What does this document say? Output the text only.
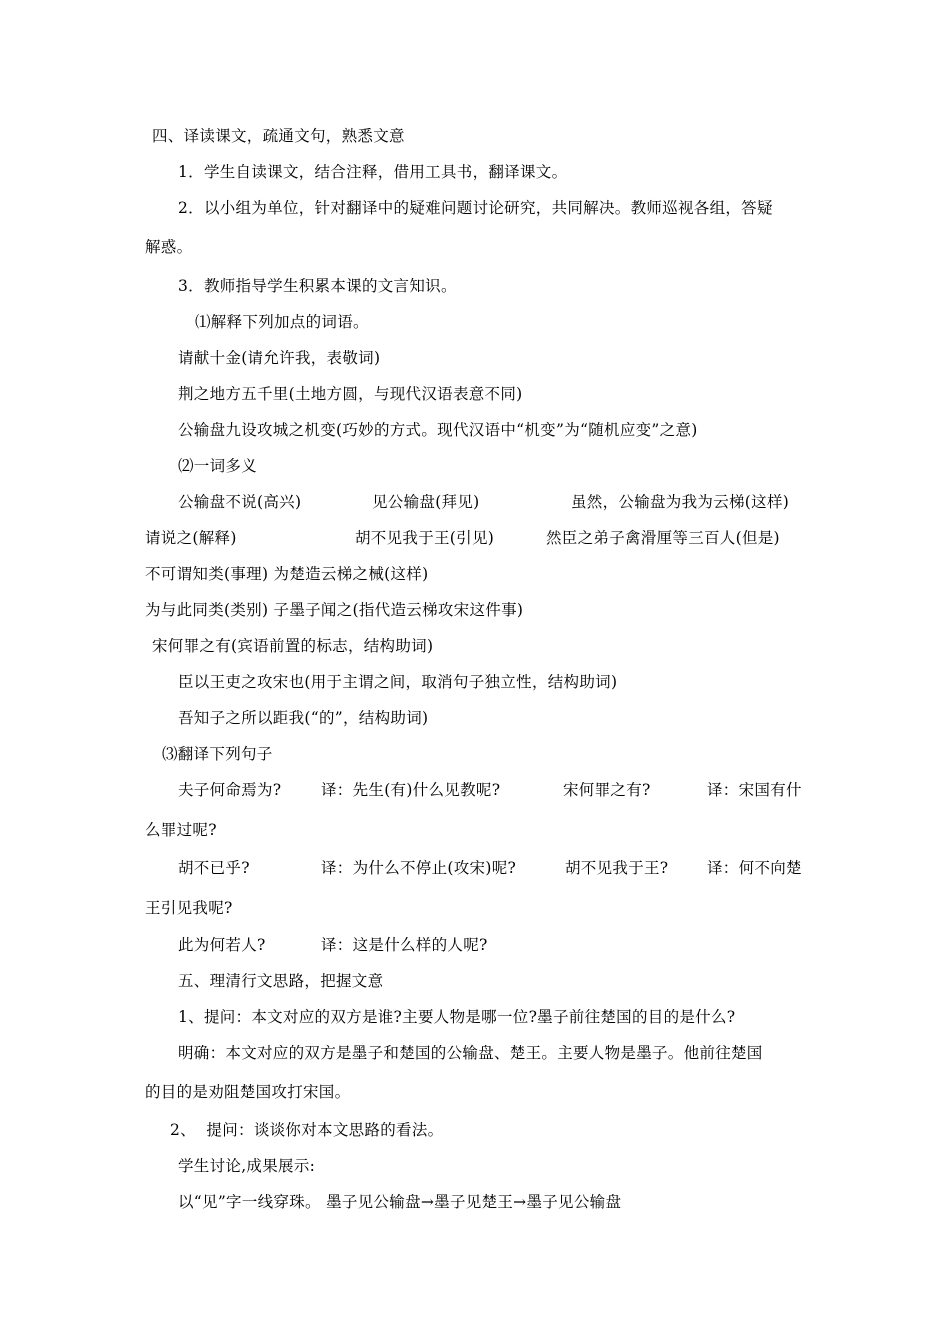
四、译读课文，疏通文句，熟悉文意
1．学生自读课文，结合注释，借用工具书，翻译课文。
2．以小组为单位，针对翻译中的疑难问题讨论研究，共同解决。教师巡视各组，答疑
解惑。
3．教师指导学生积累本课的文言知识。
⑴解释下列加点的词语。
请献十金(请允许我，表敬词)
荆之地方五千里(土地方圆，与现代汉语表意不同)
公输盘九设攻城之机变(巧妙的方式。现代汉语中“机变”为“随机应变”之意)
⑵一词多义
公输盘不说(高兴)	见公输盘(拜见)	虽然，公输盘为我为云梯(这样)
请说之(解释)	胡不见我于王(引见)	然臣之弟子禽滑厘等三百人(但是)
不可谓知类(事理) 为楚造云梯之械(这样)
为与此同类(类别) 子墨子闻之(指代造云梯攻宋这件事)
宋何罪之有(宾语前置的标志，结构助词)
臣以王吏之攻宋也(用于主谓之间，取消句子独立性，结构助词)
吾知子之所以距我(“的”，结构助词)
⑶翻译下列句子
夫子何命焉为?	译：先生(有)什么见教呢?	宋何罪之有?	译：宋国有什
么罪过呢?
胡不已乎?	译：为什么不停止(攻宋)呢?	胡不见我于王? 译：何不向楚
王引见我呢?
此为何若人?	译：这是什么样的人呢?
五、理清行文思路，把握文意
1、提问：本文对应的双方是谁?主要人物是哪一位?墨子前往楚国的目的是什么?
明确：本文对应的双方是墨子和楚国的公输盘、楚王。主要人物是墨子。他前往楚国
的目的是劝阻楚国攻打宋国。
2、  提问：谈谈你对本文思路的看法。
学生讨论,成果展示:
以“见”字一线穿珠。 墨子见公输盘→墨子见楚王→墨子见公输盘
